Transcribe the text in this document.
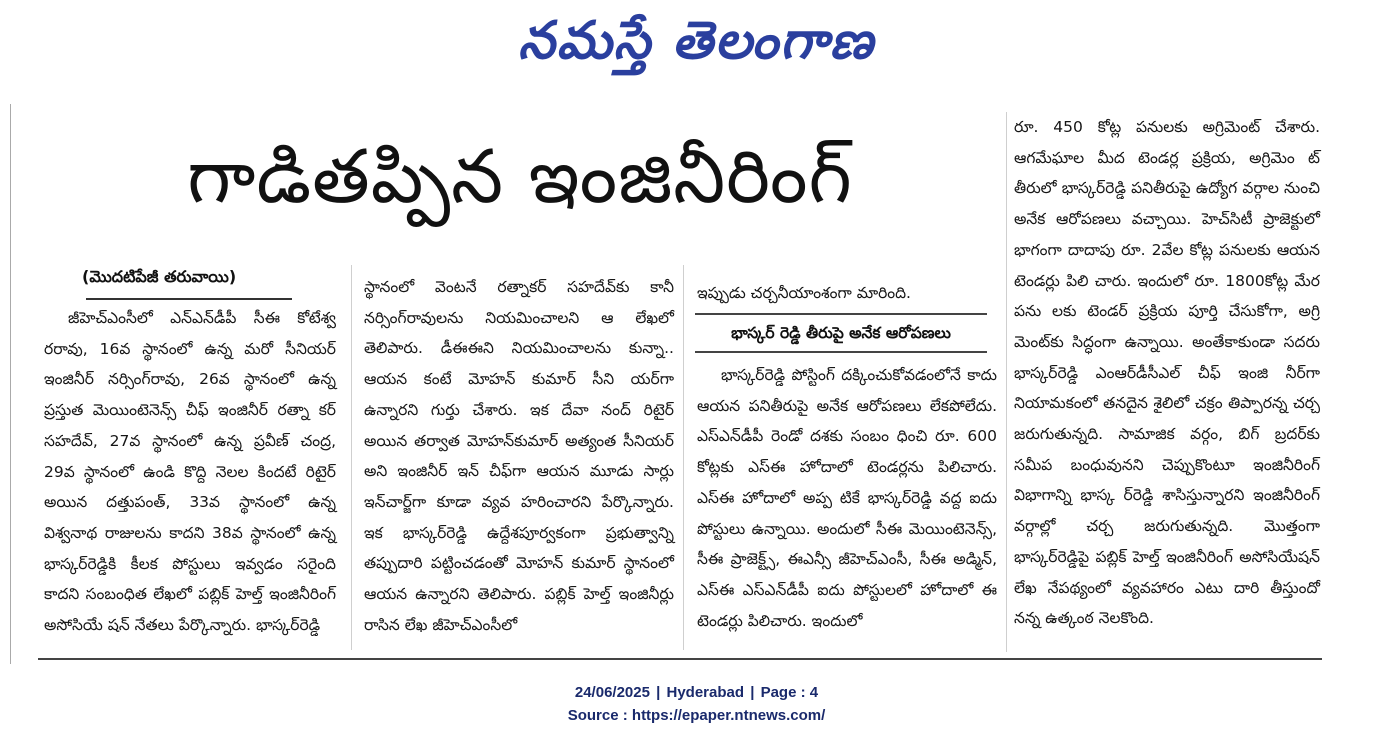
నమస్తే తెలంగాణ
గాడితప్పిన ఇంజినీరింగ్
(మొదటిపేజీ తరువాయి)

జీహెచ్‌ఎంసీలో ఎన్‌ఎన్‌డీపీ సీఈ కోటేశ్వ రరావు, 16వ స్థానంలో ఉన్న మరో సీనియర్ ఇంజినీర్ నర్సింగ్‌రావు, 26వ స్థానంలో ఉన్న ప్రస్తుత మెయింటెనెన్స్ చీఫ్ ఇంజినీర్ రత్నా కర్ సహదేవ్, 27వ స్థానంలో ఉన్న ప్రవీణ్ చంద్ర, 29వ స్థానంలో ఉండి కొద్ది నెలల కిందటే రిటైర్ అయిన దత్తుపంత్, 33వ స్థానంలో ఉన్న విశ్వనాథ రాజులను కాదని 38వ స్థానంలో ఉన్న భాస్కర్‌రెడ్డికి కీలక పోస్టులు ఇవ్వడం సరైంది కాదని సంబంధిత లేఖలో పబ్లిక్ హెల్త్ ఇంజినీరింగ్ అసోసియే షన్ నేతలు పేర్కొన్నారు. భాస్కర్‌రెడ్డి

స్థానంలో వెంటనే రత్నాకర్ సహదేవ్‌కు కానీ నర్సింగ్‌రావులను నియమించాలని ఆ లేఖలో తెలిపారు. డీఈఈని నియమించాలను కున్నా.. ఆయన కంటే మోహన్ కుమార్ సీని యర్‌గా ఉన్నారని గుర్తు చేశారు. ఇక దేవా నంద్ రిటైర్ అయిన తర్వాత మోహన్‌కుమార్ అత్యంత సీనియర్ అని ఇంజినీర్ ఇన్ చీఫ్‌గా ఆయన మూడు సార్లు ఇన్‌చార్జ్‌గా కూడా వ్యవ హరించారని పేర్కొన్నారు. ఇక భాస్కర్‌రెడ్డి ఉద్దేశపూర్వకంగా ప్రభుత్వాన్ని తప్పుదారి పట్టించడంతో మోహన్ కుమార్ స్థానంలో ఆయన ఉన్నారని తెలిపారు. పబ్లిక్ హెల్త్ ఇంజినీర్లు రాసిన లేఖ జీహెచ్‌ఎంసీలో

ఇప్పుడు చర్చనీయాంశంగా మారింది.

భాస్కర్ రెడ్డి తీరుపై అనేక ఆరోపణలు

భాస్కర్‌రెడ్డి పోస్టింగ్ దక్కించుకోవడంలోనే కాదు ఆయన పనితీరుపై అనేక ఆరోపణలు లేకపోలేదు. ఎస్‌ఎన్‌డీపీ రెండో దశకు సంబం ధించి రూ. 600 కోట్లకు ఎస్‌ఈ హోదాలో టెండర్లను పిలిచారు. ఎస్‌ఈ హోదాలో అప్ప టికే భాస్కర్‌రెడ్డి వద్ద ఐదు పోస్టులు ఉన్నాయి. అందులో సీఈ మెయింటెనెన్స్, సీఈ ప్రాజెక్ట్స్, ఈఎన్సీ జీహెచ్‌ఎంసీ, సీఈ అడ్మిన్, ఎస్‌ఈ ఎస్‌ఎన్‌డీపీ ఐదు పోస్టులలో హోదాలో ఈ టెండర్లు పిలిచారు. ఇందులో

రూ. 450 కోట్ల పనులకు అగ్రిమెంట్ చేశారు. ఆగమేఘాల మీద టెండర్ల ప్రక్రియ, అగ్రిమెం ట్ తీరులో భాస్కర్‌రెడ్డి పనితీరుపై ఉద్యోగ వర్గాల నుంచి అనేక ఆరోపణలు వచ్చాయి. హెచ్‌సిటీ ప్రాజెక్టులో భాగంగా దాదాపు రూ. 2వేల కోట్ల పనులకు ఆయన టెండర్లు పిలి చారు. ఇందులో రూ. 1800కోట్ల మేర పను లకు టెండర్ ప్రక్రియ పూర్తి చేసుకోగా, అగ్రి మెంట్‌కు సిద్ధంగా ఉన్నాయి. అంతేకాకుండా సదరు భాస్కర్‌రెడ్డి ఎంఆర్‌డీసీఎల్ చీఫ్ ఇంజి నీర్‌గా నియామకంలో తనదైన శైలిలో చక్రం తిప్పారన్న చర్చ జరుగుతున్నది. సామాజిక వర్గం, బిగ్ బ్రదర్‌కు సమీప బంధువునని చెప్పుకొంటూ ఇంజినీరింగ్ విభాగాన్ని భాస్క ర్‌రెడ్డి శాసిస్తున్నారని ఇంజినీరింగ్ వర్గాల్లో చర్చ జరుగుతున్నది. మొత్తంగా భాస్కర్‌రెడ్డిపై పబ్లిక్ హెల్త్ ఇంజినీరింగ్ అసోసియేషన్ లేఖ నేపథ్యంలో వ్యవహారం ఎటు దారి తీస్తుందో నన్న ఉత్కంఠ నెలకొంది.

24/06/2025 | Hyderabad | Page : 4
Source : https://epaper.ntnews.com/
